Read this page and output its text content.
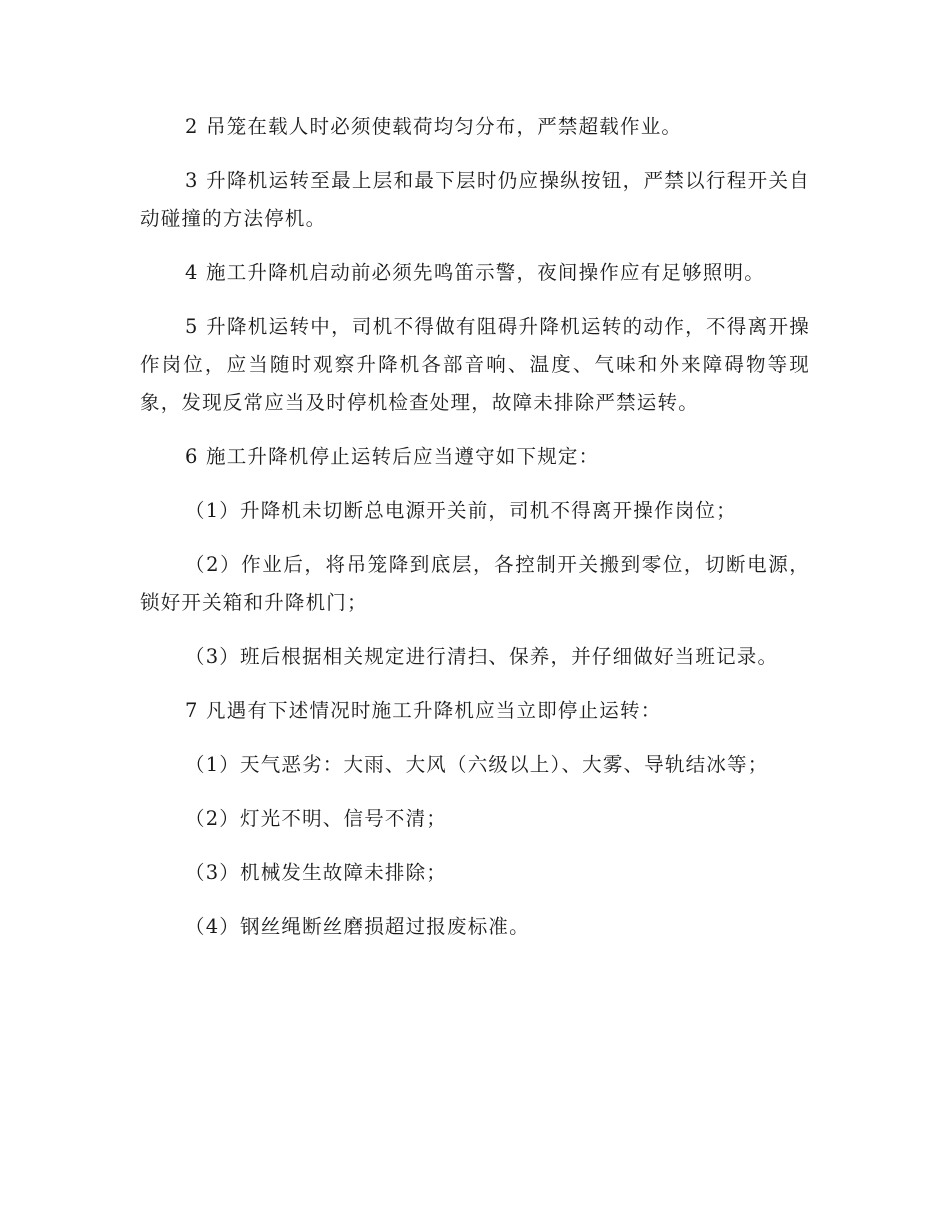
2 吊笼在载人时必须使载荷均匀分布，严禁超载作业。

3 升降机运转至最上层和最下层时仍应操纵按钮，严禁以行程开关自动碰撞的方法停机。

4 施工升降机启动前必须先鸣笛示警，夜间操作应有足够照明。

5 升降机运转中，司机不得做有阻碍升降机运转的动作，不得离开操作岗位，应当随时观察升降机各部音响、温度、气味和外来障碍物等现象，发现反常应当及时停机检查处理，故障未排除严禁运转。

6 施工升降机停止运转后应当遵守如下规定：

（1）升降机未切断总电源开关前，司机不得离开操作岗位；

（2）作业后，将吊笼降到底层，各控制开关搬到零位，切断电源，锁好开关箱和升降机门；

（3）班后根据相关规定进行清扫、保养，并仔细做好当班记录。

7 凡遇有下述情况时施工升降机应当立即停止运转：

（1）天气恶劣：大雨、大风（六级以上）、大雾、导轨结冰等；

（2）灯光不明、信号不清；

（3）机械发生故障未排除；

（4）钢丝绳断丝磨损超过报废标准。
